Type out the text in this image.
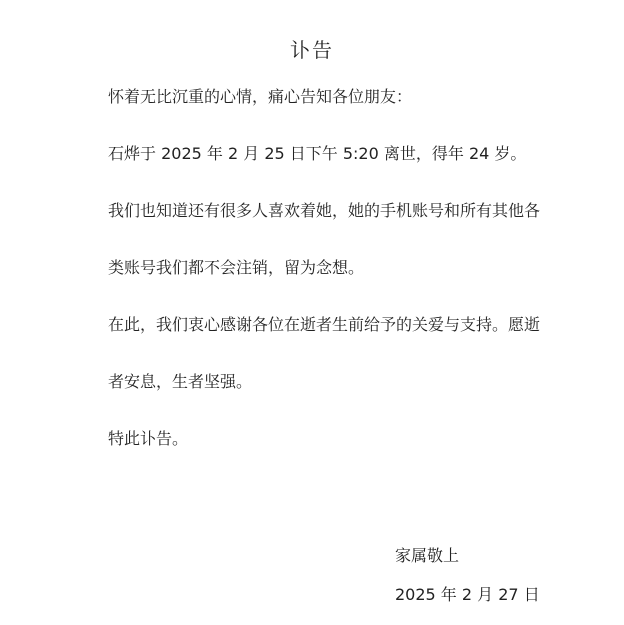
讣告
怀着无比沉重的心情，痛心告知各位朋友：
石烨于 2025 年 2 月 25 日下午 5:20 离世，得年 24 岁。
我们也知道还有很多人喜欢着她，她的手机账号和所有其他各
类账号我们都不会注销，留为念想。
在此，我们衷心感谢各位在逝者生前给予的关爱与支持。愿逝
者安息，生者坚强。
特此讣告。
家属敬上
2025 年 2 月 27 日
